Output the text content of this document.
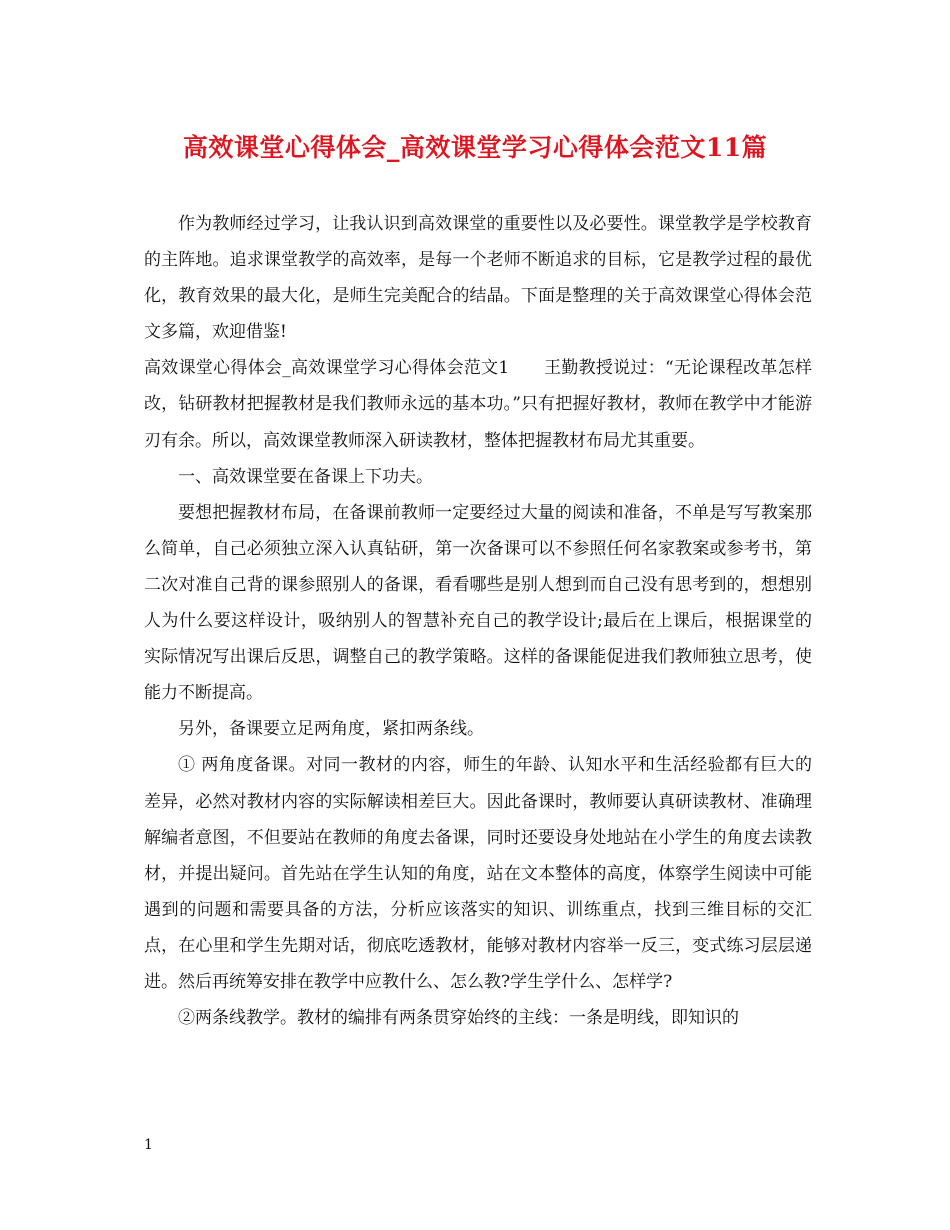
高效课堂心得体会_高效课堂学习心得体会范文11篇

作为教师经过学习，让我认识到高效课堂的重要性以及必要性。课堂教学是学校教育的主阵地。追求课堂教学的高效率，是每一个老师不断追求的目标，它是教学过程的最优化，教育效果的最大化，是师生完美配合的结晶。下面是整理的关于高效课堂心得体会范文多篇，欢迎借鉴!

高效课堂心得体会_高效课堂学习心得体会范文1　　王勤教授说过：“无论课程改革怎样改，钻研教材把握教材是我们教师永远的基本功。”只有把握好教材，教师在教学中才能游刃有余。所以，高效课堂教师深入研读教材，整体把握教材布局尤其重要。

一、高效课堂要在备课上下功夫。

要想把握教材布局，在备课前教师一定要经过大量的阅读和准备，不单是写写教案那么简单，自己必须独立深入认真钻研，第一次备课可以不参照任何名家教案或参考书，第二次对准自己背的课参照别人的备课，看看哪些是别人想到而自己没有思考到的，想想别人为什么要这样设计，吸纳别人的智慧补充自己的教学设计;最后在上课后，根据课堂的实际情况写出课后反思，调整自己的教学策略。这样的备课能促进我们教师独立思考，使能力不断提高。

另外，备课要立足两角度，紧扣两条线。

① 两角度备课。对同一教材的内容，师生的年龄、认知水平和生活经验都有巨大的差异，必然对教材内容的实际解读相差巨大。因此备课时，教师要认真研读教材、准确理解编者意图，不但要站在教师的角度去备课，同时还要设身处地站在小学生的角度去读教材，并提出疑问。首先站在学生认知的角度，站在文本整体的高度，体察学生阅读中可能遇到的问题和需要具备的方法，分析应该落实的知识、训练重点，找到三维目标的交汇点，在心里和学生先期对话，彻底吃透教材，能够对教材内容举一反三，变式练习层层递进。然后再统筹安排在教学中应教什么、怎么教?学生学什么、怎样学?

②两条线教学。教材的编排有两条贯穿始终的主线：一条是明线，即知识的

1
